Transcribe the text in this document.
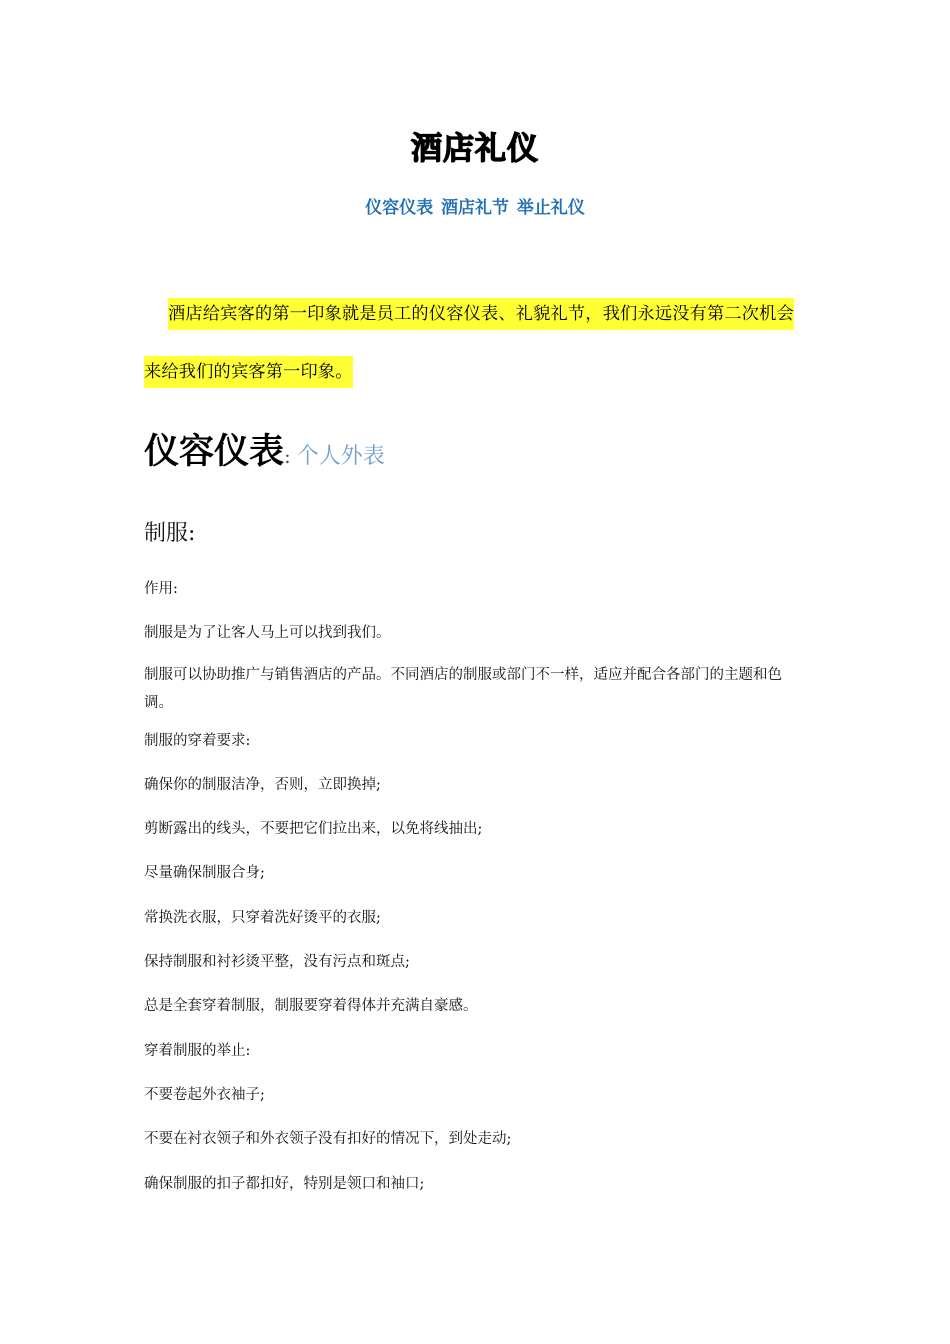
酒店礼仪
仪容仪表 酒店礼节 举止礼仪
酒店给宾客的第一印象就是员工的仪容仪表、礼貌礼节，我们永远没有第二次机会来给我们的宾客第一印象。
仪容仪表: 个人外表
制服:
作用:
制服是为了让客人马上可以找到我们。
制服可以协助推广与销售酒店的产品。不同酒店的制服或部门不一样，适应并配合各部门的主题和色调。
制服的穿着要求:
确保你的制服洁净，否则，立即换掉;
剪断露出的线头，不要把它们拉出来，以免将线抽出;
尽量确保制服合身;
常换洗衣服，只穿着洗好烫平的衣服;
保持制服和衬衫烫平整，没有污点和斑点;
总是全套穿着制服，制服要穿着得体并充满自豪感。
穿着制服的举止:
不要卷起外衣袖子;
不要在衬衣领子和外衣领子没有扣好的情况下，到处走动;
确保制服的扣子都扣好，特别是领口和袖口;
